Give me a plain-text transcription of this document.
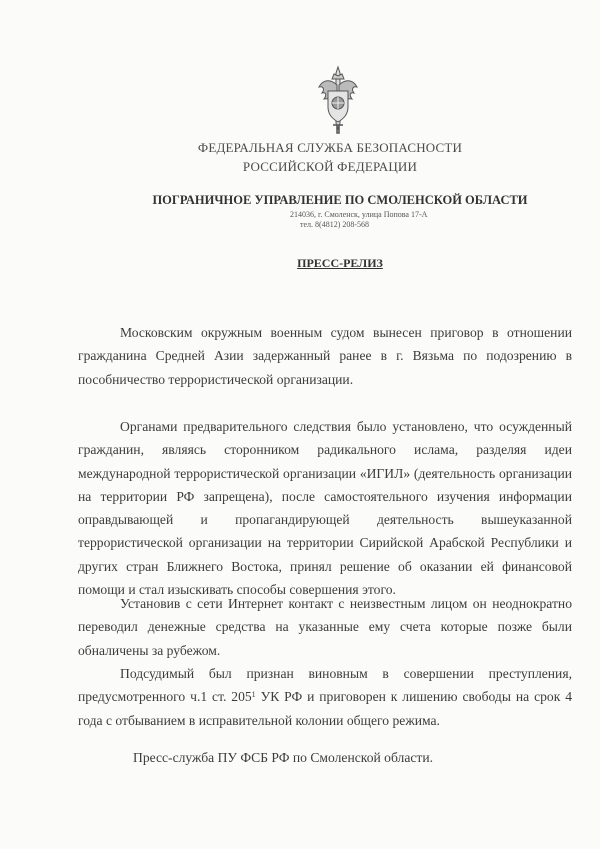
ФЕДЕРАЛЬНАЯ СЛУЖБА БЕЗОПАСНОСТИ
РОССИЙСКОЙ ФЕДЕРАЦИИ
ПОГРАНИЧНОЕ УПРАВЛЕНИЕ ПО СМОЛЕНСКОЙ ОБЛАСТИ
214036, г. Смоленск, улица Попова 17-А
тел. 8(4812) 208-568
ПРЕСС-РЕЛИЗ
Московским окружным военным судом вынесен приговор в отношении гражданина Средней Азии задержанный ранее в г. Вязьма по подозрению в пособничество террористической организации.
Органами предварительного следствия было установлено, что осужденный гражданин, являясь сторонником радикального ислама, разделяя идеи международной террористической организации «ИГИЛ» (деятельность организации на территории РФ запрещена), после самостоятельного изучения информации оправдывающей и пропагандирующей деятельность вышеуказанной террористической организации на территории Сирийской Арабской Республики и других стран Ближнего Востока, принял решение об оказании ей финансовой помощи и стал изыскивать способы совершения этого.
Установив с сети Интернет контакт с неизвестным лицом он неоднократно переводил денежные средства на указанные ему счета которые позже были обналичены за рубежом.
Подсудимый был признан виновным в совершении преступления, предусмотренного ч.1 ст. $205^1$ УК РФ и приговорен к лишению свободы на срок 4 года с отбыванием в исправительной колонии общего режима.
Пресс-служба ПУ ФСБ РФ по Смоленской области.
